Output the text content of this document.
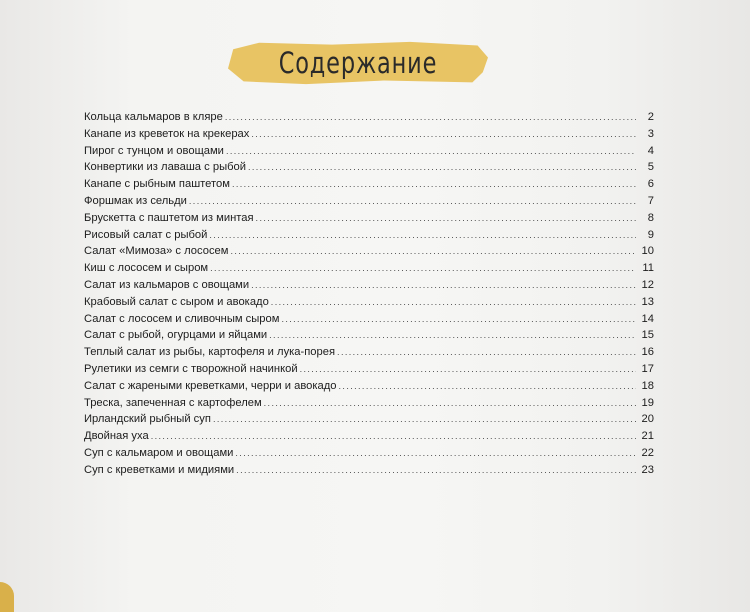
Содержание
Кольца кальмаров в кляре .....	2
Канапе из креветок на крекерах .....	3
Пирог с тунцом и овощами .....	4
Конвертики из лаваша с рыбой .....	5
Канапе с рыбным паштетом .....	6
Форшмак из сельди .....	7
Брускетта с паштетом из минтая .....	8
Рисовый салат с рыбой .....	9
Салат «Мимоза» с лососем .....	10
Киш с лососем и сыром .....	11
Салат из кальмаров с овощами .....	12
Крабовый салат с сыром и авокадо .....	13
Салат с лососем и сливочным сыром .....	14
Салат с рыбой, огурцами и яйцами .....	15
Теплый салат из рыбы, картофеля и лука-порея .....	16
Рулетики из семги с творожной начинкой .....	17
Салат с жареными креветками, черри и авокадо .....	18
Треска, запеченная с картофелем .....	19
Ирландский рыбный суп .....	20
Двойная уха .....	21
Суп с кальмаром и овощами .....	22
Суп с креветками и мидиями .....	23
